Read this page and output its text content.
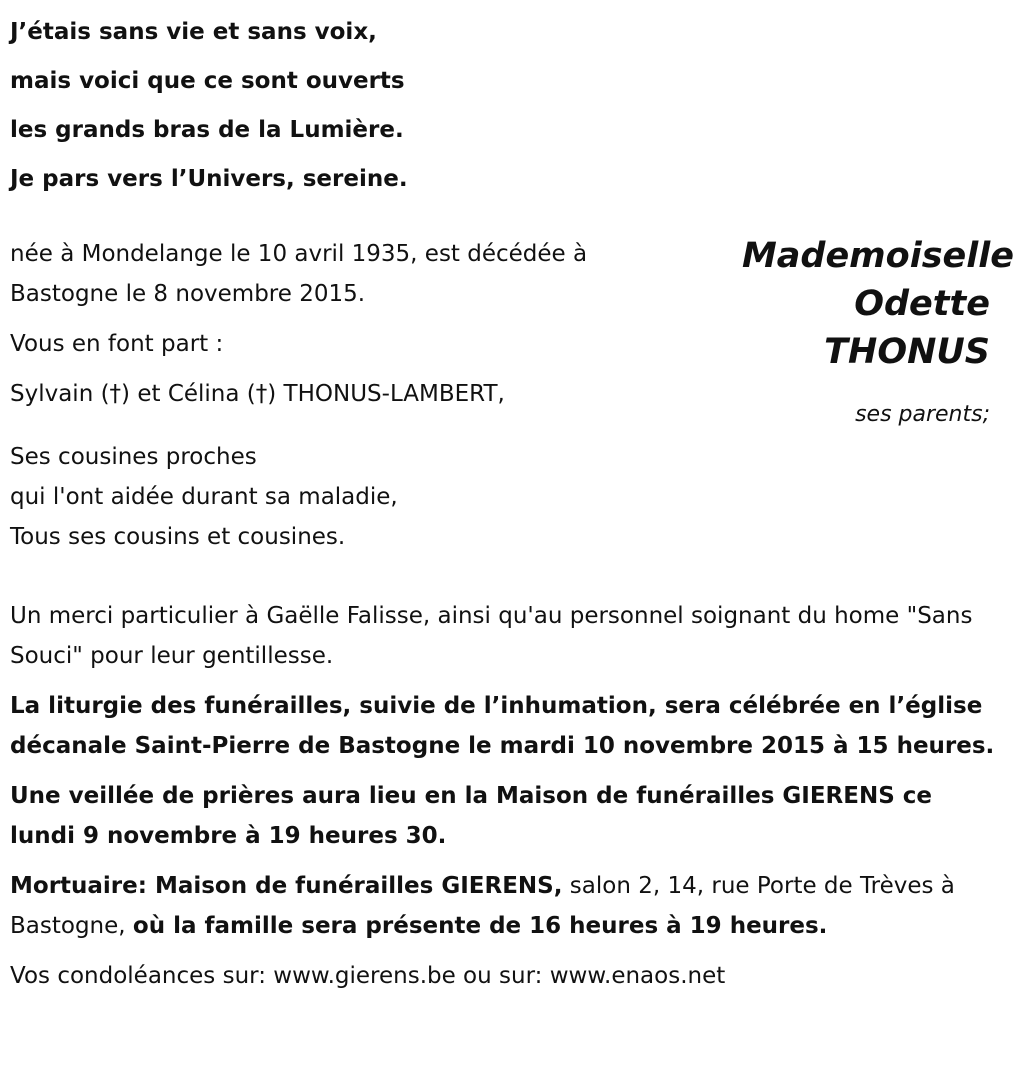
J’étais sans vie et sans voix,

mais voici que ce sont ouverts

les grands bras de la Lumière.

Je pars vers l’Univers, sereine.

Mademoiselle
Odette
THONUS
ses parents;
née à Mondelange le 10 avril 1935, est décédée à Bastogne le 8 novembre 2015.
Vous en font part :
Sylvain (†) et Célina (†) THONUS-LAMBERT,
Ses cousines proches
qui l'ont aidée durant sa maladie,
Tous ses cousins et cousines.

Un merci particulier à Gaëlle Falisse, ainsi qu'au personnel soignant du home "Sans Souci" pour leur gentillesse.

La liturgie des funérailles, suivie de l’inhumation, sera célébrée en l’église décanale Saint-Pierre de Bastogne le mardi 10 novembre 2015 à 15 heures.

Une veillée de prières aura lieu en la Maison de funérailles GIERENS ce lundi 9 novembre à 19 heures 30.

Mortuaire: Maison de funérailles GIERENS, salon 2, 14, rue Porte de Trèves à Bastogne, où la famille sera présente de 16 heures à 19 heures.

Vos condoléances sur: www.gierens.be ou sur: www.enaos.net
